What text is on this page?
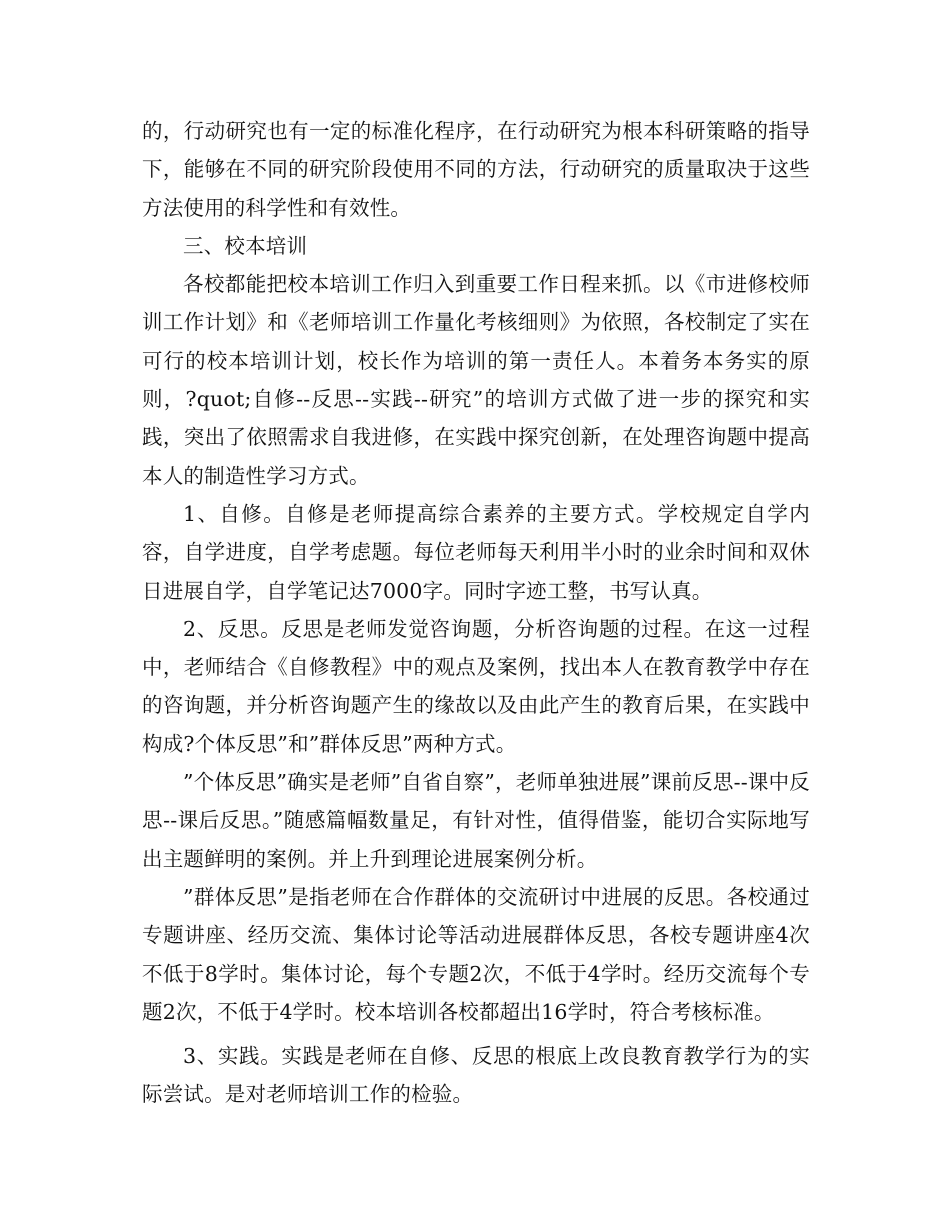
的，行动研究也有一定的标准化程序，在行动研究为根本科研策略的指导下，能够在不同的研究阶段使用不同的方法，行动研究的质量取决于这些方法使用的科学性和有效性。

三、校本培训

各校都能把校本培训工作归入到重要工作日程来抓。以《市进修校师训工作计划》和《老师培训工作量化考核细则》为依照，各校制定了实在可行的校本培训计划，校长作为培训的第一责任人。本着务本务实的原则，?quot;自修--反思--实践--研究”的培训方式做了进一步的探究和实践，突出了依照需求自我进修，在实践中探究创新，在处理咨询题中提高本人的制造性学习方式。

1、自修。自修是老师提高综合素养的主要方式。学校规定自学内容，自学进度，自学考虑题。每位老师每天利用半小时的业余时间和双休日进展自学，自学笔记达7000字。同时字迹工整，书写认真。

2、反思。反思是老师发觉咨询题，分析咨询题的过程。在这一过程中，老师结合《自修教程》中的观点及案例，找出本人在教育教学中存在的咨询题，并分析咨询题产生的缘故以及由此产生的教育后果，在实践中构成?个体反思”和”群体反思”两种方式。

”个体反思”确实是老师”自省自察”，老师单独进展”课前反思--课中反思--课后反思。”随感篇幅数量足，有针对性，值得借鉴，能切合实际地写出主题鲜明的案例。并上升到理论进展案例分析。

”群体反思”是指老师在合作群体的交流研讨中进展的反思。各校通过专题讲座、经历交流、集体讨论等活动进展群体反思，各校专题讲座4次不低于8学时。集体讨论，每个专题2次，不低于4学时。经历交流每个专题2次，不低于4学时。校本培训各校都超出16学时，符合考核标准。

3、实践。实践是老师在自修、反思的根底上改良教育教学行为的实际尝试。是对老师培训工作的检验。
